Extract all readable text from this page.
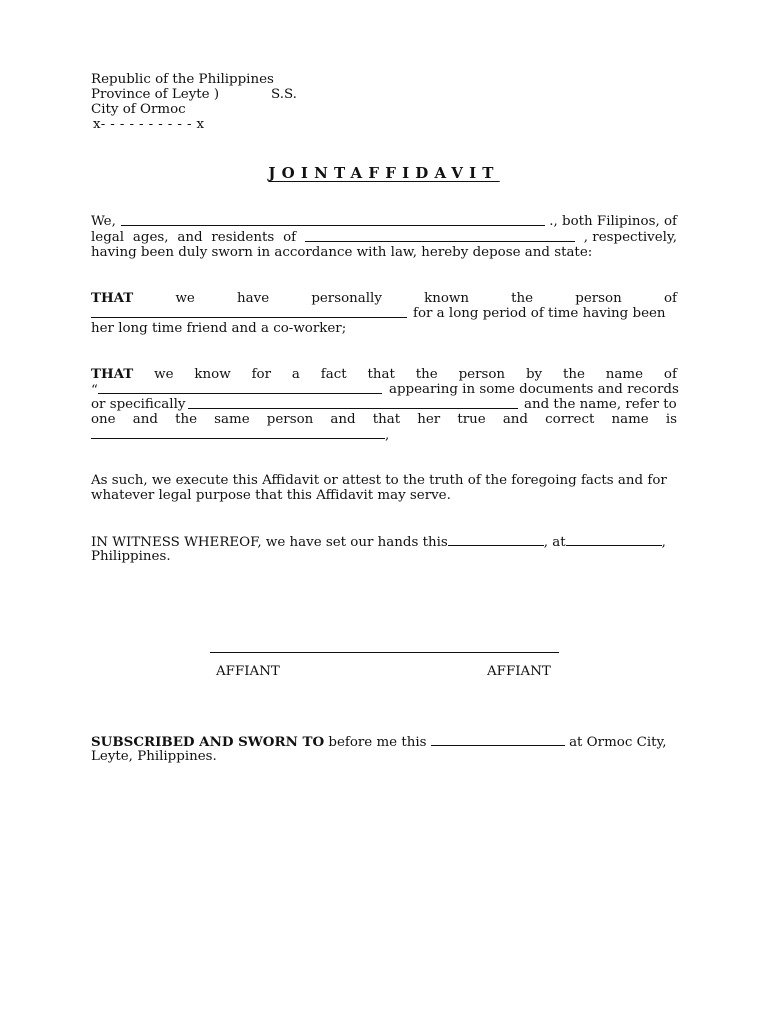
Republic of the Philippines
Province of Leyte )	S.S.
City of Ormoc
x- - - - - - - - - - x
JOINTAFFIDAVIT
We,	., both Filipinos, of
legal ages, and residents of	, respectively,
having been duly sworn in accordance with law, hereby depose and state:
THAT	we	have	personally	known	the	person	of
for a long period of time having been
her long time friend and a co-worker;
THAT we know for a fact that the person by the name of
“	appearing in some documents and records
or specifically	and the name, refer to
one and the same person and that her true and correct name is
,
As such, we execute this Affidavit or attest to the truth of the foregoing facts and for
whatever legal purpose that this Affidavit may serve.
IN WITNESS WHEREOF, we have set our hands this	, at	,
Philippines.
AFFIANT	AFFIANT
SUBSCRIBED AND SWORN TO before me this	at Ormoc City,
Leyte, Philippines.
